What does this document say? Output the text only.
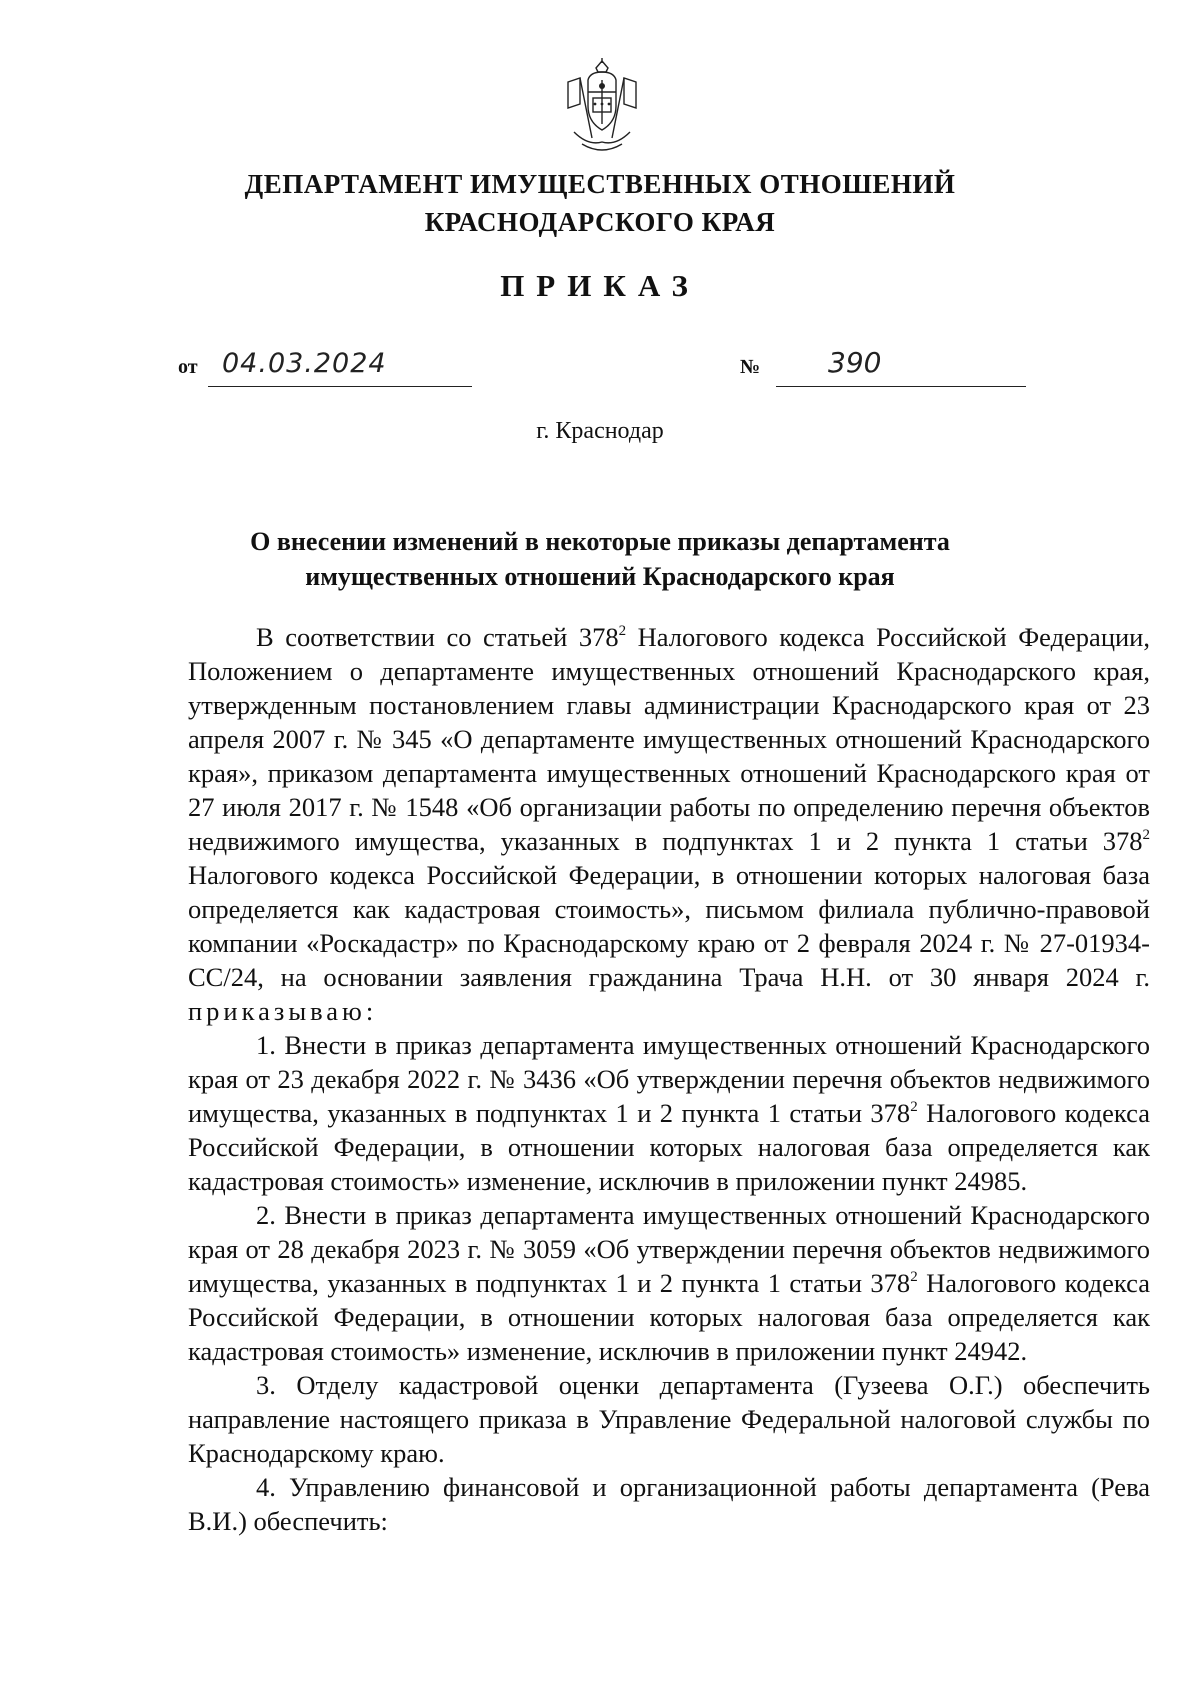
ДЕПАРТАМЕНТ ИМУЩЕСТВЕННЫХ ОТНОШЕНИЙ
КРАСНОДАРСКОГО КРАЯ
ПРИКАЗ
от 04.03.2024	№ 390
г. Краснодар
О внесении изменений в некоторые приказы департамента
имущественных отношений Краснодарского края

В соответствии со статьей $378^2$ Налогового кодекса Российской Федерации, Положением о департаменте имущественных отношений Краснодарского края, утвержденным постановлением главы администрации Краснодарского края от 23 апреля 2007 г. № 345 «О департаменте имущественных отношений Краснодарского края», приказом департамента имущественных отношений Краснодарского края от 27 июля 2017 г. № 1548 «Об организации работы по определению перечня объектов недвижимого имущества, указанных в подпунктах 1 и 2 пункта 1 статьи $378^2$ Налогового кодекса Российской Федерации, в отношении которых налоговая база определяется как кадастровая стоимость», письмом филиала публично-правовой компании «Роскадастр» по Краснодарскому краю от 2 февраля 2024 г. № 27-01934-СС/24, на основании заявления гражданина Трача Н.Н. от 30 января 2024 г. приказываю:

1. Внести в приказ департамента имущественных отношений Краснодарского края от 23 декабря 2022 г. № 3436 «Об утверждении перечня объектов недвижимого имущества, указанных в подпунктах 1 и 2 пункта 1 статьи $378^2$ Налогового кодекса Российской Федерации, в отношении которых налоговая база определяется как кадастровая стоимость» изменение, исключив в приложении пункт 24985.

2. Внести в приказ департамента имущественных отношений Краснодарского края от 28 декабря 2023 г. № 3059 «Об утверждении перечня объектов недвижимого имущества, указанных в подпунктах 1 и 2 пункта 1 статьи $378^2$ Налогового кодекса Российской Федерации, в отношении которых налоговая база определяется как кадастровая стоимость» изменение, исключив в приложении пункт 24942.

3. Отделу кадастровой оценки департамента (Гузеева О.Г.) обеспечить направление настоящего приказа в Управление Федеральной налоговой службы по Краснодарскому краю.

4. Управлению финансовой и организационной работы департамента (Рева В.И.) обеспечить:
